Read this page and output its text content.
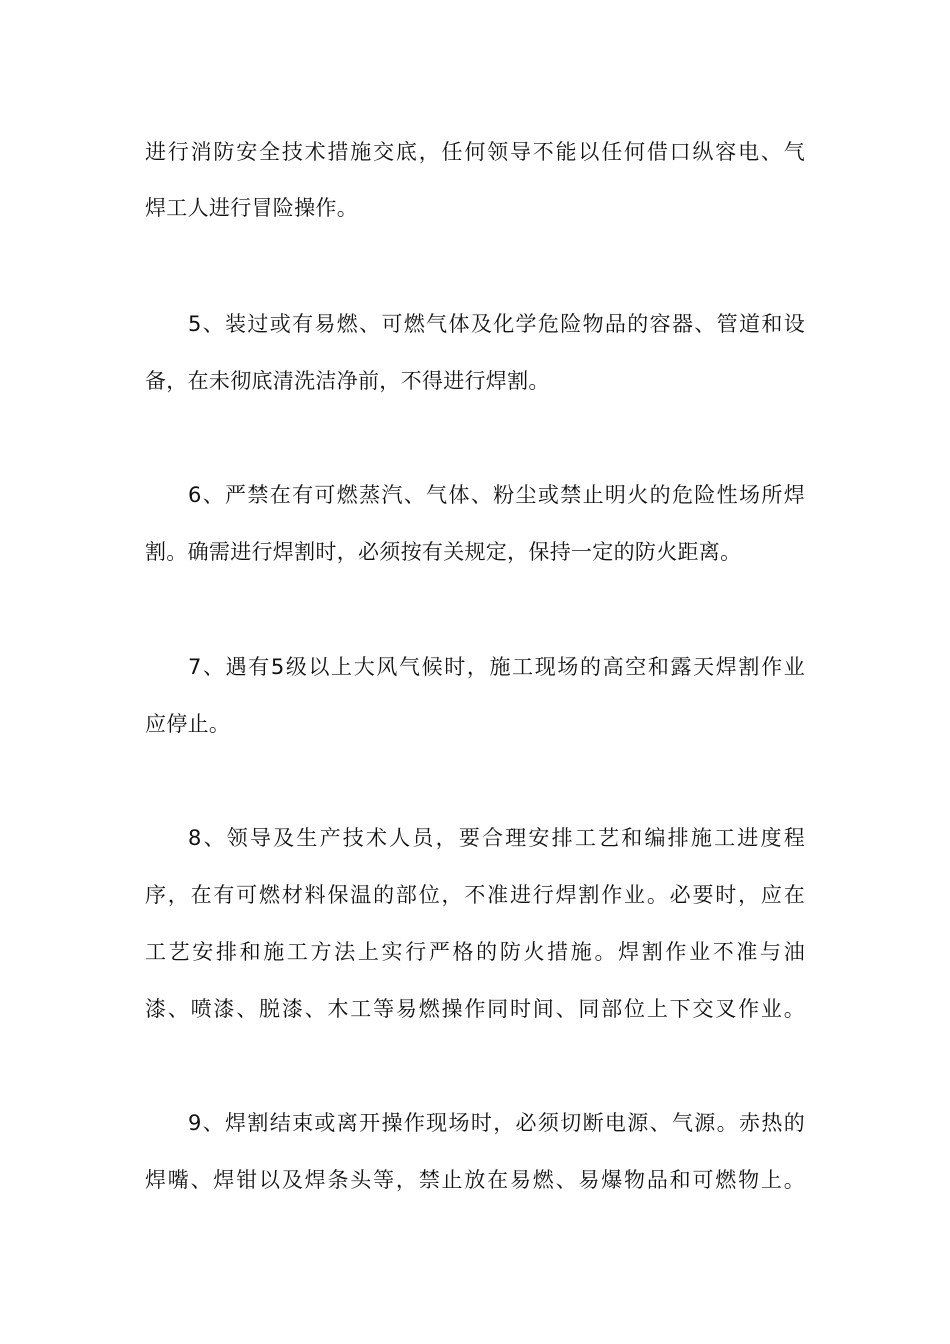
进行消防安全技术措施交底，任何领导不能以任何借口纵容电、气

焊工人进行冒险操作。

5、装过或有易燃、可燃气体及化学危险物品的容器、管道和设

备，在未彻底清洗洁净前，不得进行焊割。

6、严禁在有可燃蒸汽、气体、粉尘或禁止明火的危险性场所焊

割。确需进行焊割时，必须按有关规定，保持一定的防火距离。

7、遇有5级以上大风气候时，施工现场的高空和露天焊割作业

应停止。

8、领导及生产技术人员，要合理安排工艺和编排施工进度程

序，在有可燃材料保温的部位，不准进行焊割作业。必要时，应在

工艺安排和施工方法上实行严格的防火措施。焊割作业不准与油

漆、喷漆、脱漆、木工等易燃操作同时间、同部位上下交叉作业。

9、焊割结束或离开操作现场时，必须切断电源、气源。赤热的

焊嘴、焊钳以及焊条头等，禁止放在易燃、易爆物品和可燃物上。
